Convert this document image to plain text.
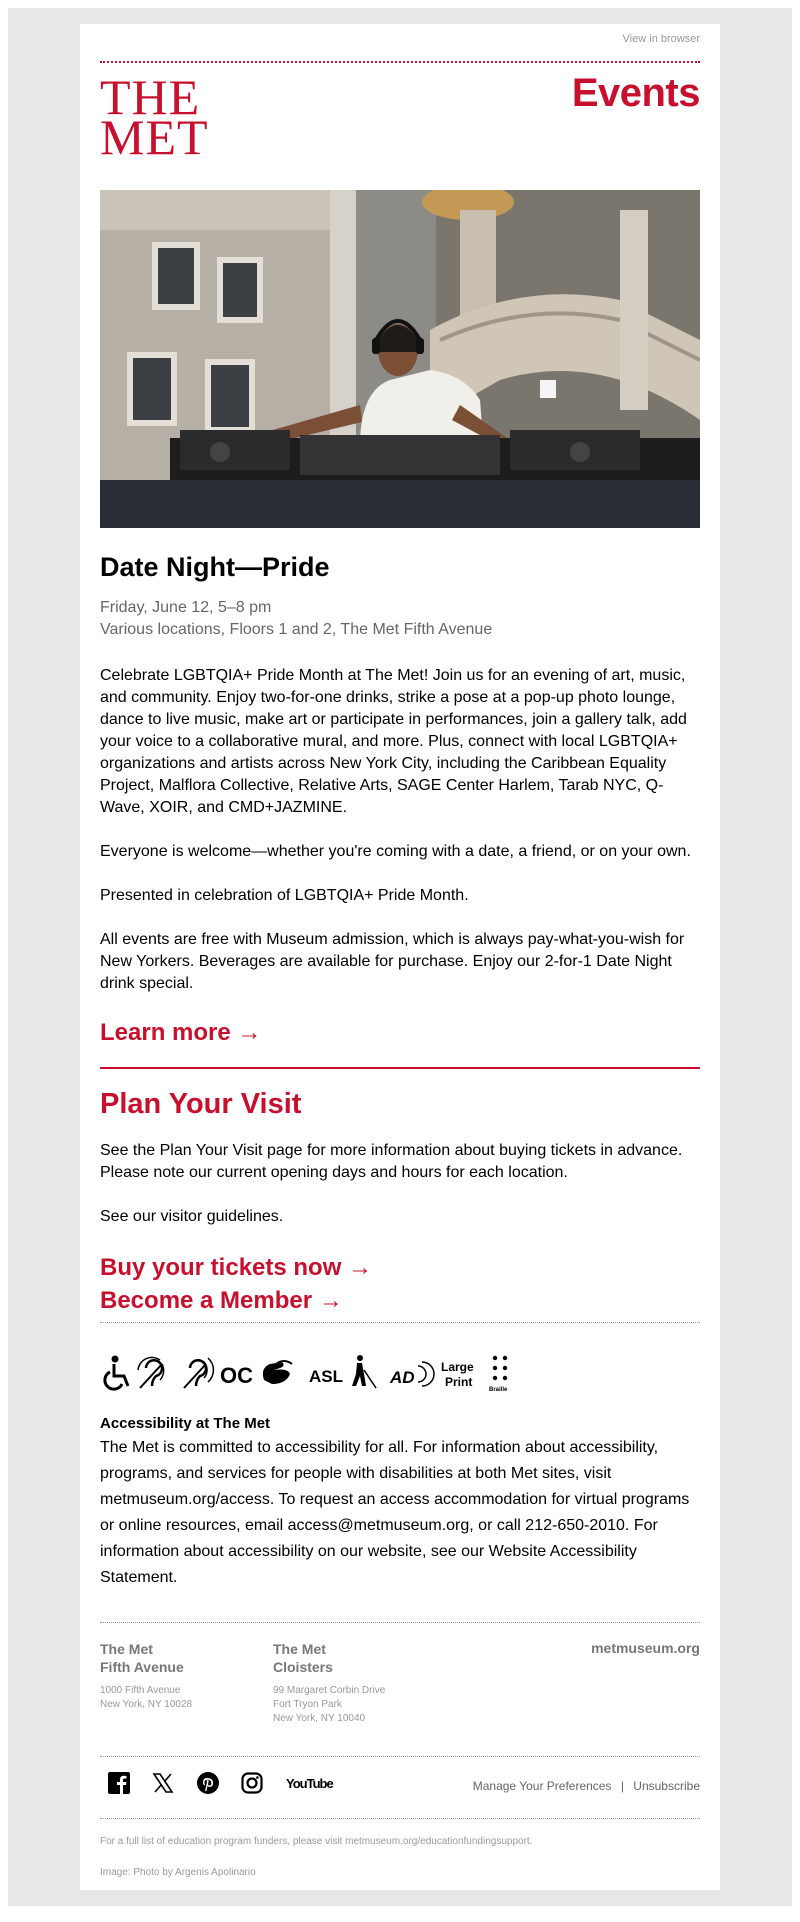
View in browser
THE
MET
Events
Date Night—Pride
Friday, June 12, 5–8 pm
Various locations, Floors 1 and 2, The Met Fifth Avenue

Celebrate LGBTQIA+ Pride Month at The Met! Join us for an evening of art, music, and community. Enjoy two-for-one drinks, strike a pose at a pop-up photo lounge, dance to live music, make art or participate in performances, join a gallery talk, add your voice to a collaborative mural, and more. Plus, connect with local LGBTQIA+ organizations and artists across New York City, including the Caribbean Equality Project, Malflora Collective, Relative Arts, SAGE Center Harlem, Tarab NYC, Q-Wave, XOIR, and CMD+JAZMINE.

Everyone is welcome—whether you're coming with a date, a friend, or on your own.

Presented in celebration of LGBTQIA+ Pride Month.

All events are free with Museum admission, which is always pay-what-you-wish for New Yorkers. Beverages are available for purchase. Enjoy our 2-for-1 Date Night drink special.

Learn more →
Plan Your Visit

See the Plan Your Visit page for more information about buying tickets in advance. Please note our current opening days and hours for each location.

See our visitor guidelines.

Buy your tickets now →
Become a Member →
OC	ASL	AD
Large
Print
Braille
Accessibility at The Met

The Met is committed to accessibility for all. For information about accessibility, programs, and services for people with disabilities at both Met sites, visit metmuseum.org/access. To request an access accommodation for virtual programs or online resources, email access@metmuseum.org, or call 212-650-2010. For information about accessibility on our website, see our Website Accessibility Statement.

The Met
Fifth Avenue
1000 Fifth Avenue
New York, NY 10028
The Met
Cloisters
99 Margaret Corbin Drive
Fort Tryon Park
New York, NY 10040
metmuseum.org

YouTube	Manage Your Preferences | Unsubscribe
For a full list of education program funders, please visit metmuseum.org/educationfundingsupport.
Image: Photo by Argenis Apolinario
